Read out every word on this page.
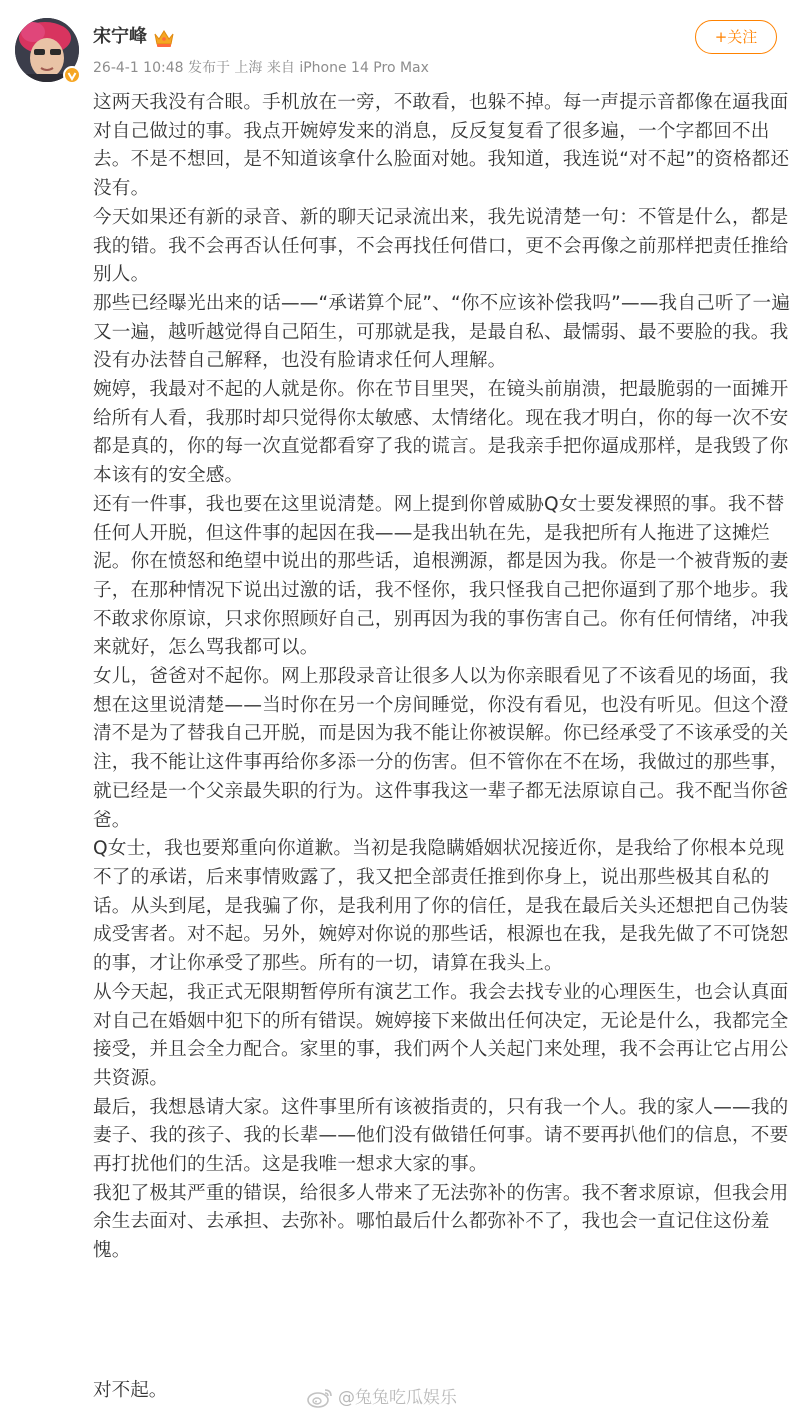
宋宁峰
26-4-1 10:48 发布于 上海 来自 iPhone 14 Pro Max
+关注

这两天我没有合眼。手机放在一旁，不敢看，也躲不掉。每一声提示音都像在逼我面对自己做过的事。我点开婉婷发来的消息，反反复复看了很多遍，一个字都回不出去。不是不想回，是不知道该拿什么脸面对她。我知道，我连说“对不起”的资格都还没有。

今天如果还有新的录音、新的聊天记录流出来，我先说清楚一句：不管是什么，都是我的错。我不会再否认任何事，不会再找任何借口，更不会再像之前那样把责任推给别人。

那些已经曝光出来的话——“承诺算个屁”、“你不应该补偿我吗”——我自己听了一遍又一遍，越听越觉得自己陌生，可那就是我，是最自私、最懦弱、最不要脸的我。我没有办法替自己解释，也没有脸请求任何人理解。

婉婷，我最对不起的人就是你。你在节目里哭，在镜头前崩溃，把最脆弱的一面摊开给所有人看，我那时却只觉得你太敏感、太情绪化。现在我才明白，你的每一次不安都是真的，你的每一次直觉都看穿了我的谎言。是我亲手把你逼成那样，是我毁了你本该有的安全感。

还有一件事，我也要在这里说清楚。网上提到你曾威胁Q女士要发裸照的事。我不替任何人开脱，但这件事的起因在我——是我出轨在先，是我把所有人拖进了这摊烂泥。你在愤怒和绝望中说出的那些话，追根溯源，都是因为我。你是一个被背叛的妻子，在那种情况下说出过激的话，我不怪你，我只怪我自己把你逼到了那个地步。我不敢求你原谅，只求你照顾好自己，别再因为我的事伤害自己。你有任何情绪，冲我来就好，怎么骂我都可以。

女儿，爸爸对不起你。网上那段录音让很多人以为你亲眼看见了不该看见的场面，我想在这里说清楚——当时你在另一个房间睡觉，你没有看见，也没有听见。但这个澄清不是为了替我自己开脱，而是因为我不能让你被误解。你已经承受了不该承受的关注，我不能让这件事再给你多添一分的伤害。但不管你在不在场，我做过的那些事，就已经是一个父亲最失职的行为。这件事我这一辈子都无法原谅自己。我不配当你爸爸。

Q女士，我也要郑重向你道歉。当初是我隐瞒婚姻状况接近你，是我给了你根本兑现不了的承诺，后来事情败露了，我又把全部责任推到你身上，说出那些极其自私的话。从头到尾，是我骗了你，是我利用了你的信任，是我在最后关头还想把自己伪装成受害者。对不起。另外，婉婷对你说的那些话，根源也在我，是我先做了不可饶恕的事，才让你承受了那些。所有的一切，请算在我头上。

从今天起，我正式无限期暂停所有演艺工作。我会去找专业的心理医生，也会认真面对自己在婚姻中犯下的所有错误。婉婷接下来做出任何决定，无论是什么，我都完全接受，并且会全力配合。家里的事，我们两个人关起门来处理，我不会再让它占用公共资源。

最后，我想恳请大家。这件事里所有该被指责的，只有我一个人。我的家人——我的妻子、我的孩子、我的长辈——他们没有做错任何事。请不要再扒他们的信息，不要再打扰他们的生活。这是我唯一想求大家的事。

我犯了极其严重的错误，给很多人带来了无法弥补的伤害。我不奢求原谅，但我会用余生去面对、去承担、去弥补。哪怕最后什么都弥补不了，我也会一直记住这份羞愧。

对不起。	@兔兔吃瓜娱乐
